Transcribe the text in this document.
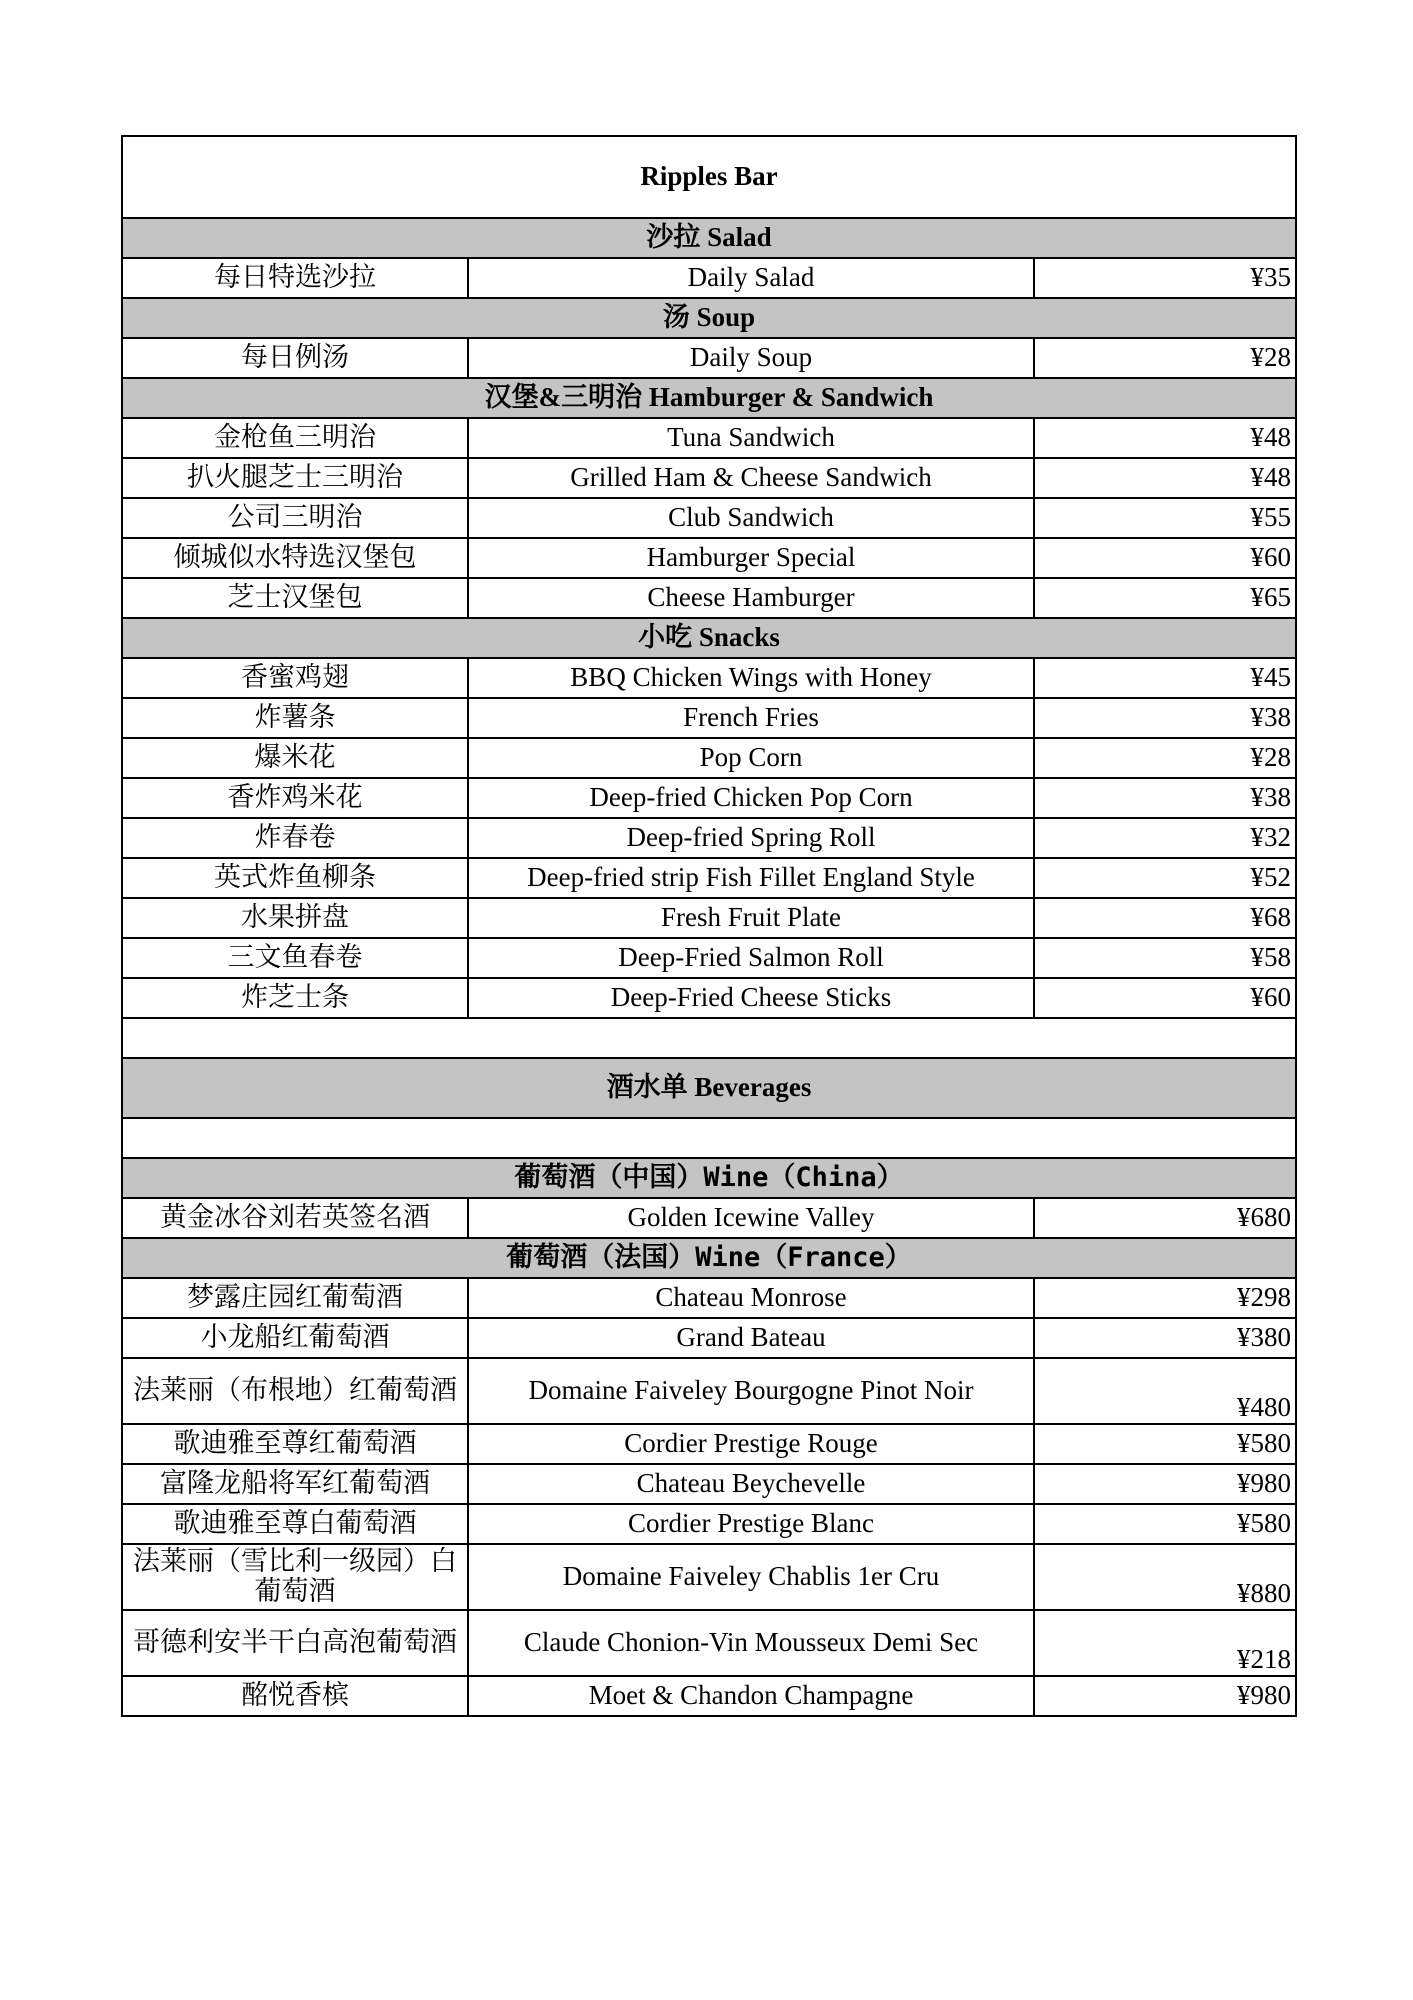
Ripples Bar		
沙拉 Salad		
每日特选沙拉	Daily Salad	¥35
汤 Soup		
每日例汤	Daily Soup	¥28
汉堡&三明治 Hamburger & Sandwich		
金枪鱼三明治	Tuna Sandwich	¥48
扒火腿芝士三明治	Grilled Ham & Cheese Sandwich	¥48
公司三明治	Club Sandwich	¥55
倾城似水特选汉堡包	Hamburger Special	¥60
芝士汉堡包	Cheese Hamburger	¥65
小吃 Snacks		
香蜜鸡翅	BBQ Chicken Wings with Honey	¥45
炸薯条	French Fries	¥38
爆米花	Pop Corn	¥28
香炸鸡米花	Deep-fried Chicken Pop Corn	¥38
炸春卷	Deep-fried Spring Roll	¥32
英式炸鱼柳条	Deep-fried strip Fish Fillet England Style	¥52
水果拼盘	Fresh Fruit Plate	¥68
三文鱼春卷	Deep-Fried Salmon Roll	¥58
炸芝士条	Deep-Fried Cheese Sticks	¥60

酒水单 Beverages		

葡萄酒（中国）Wine（China）		
黄金冰谷刘若英签名酒	Golden Icewine Valley	¥680
葡萄酒（法国）Wine（France）		
梦露庄园红葡萄酒	Chateau Monrose	¥298
小龙船红葡萄酒	Grand Bateau	¥380
法莱丽（布根地）红葡萄酒	Domaine Faiveley Bourgogne Pinot Noir	¥480
歌迪雅至尊红葡萄酒	Cordier Prestige Rouge	¥580
富隆龙船将军红葡萄酒	Chateau Beychevelle	¥980
歌迪雅至尊白葡萄酒	Cordier Prestige Blanc	¥580
法莱丽（雪比利一级园）白葡萄酒	Domaine Faiveley Chablis 1er Cru	¥880
哥德利安半干白高泡葡萄酒	Claude Chonion-Vin Mousseux Demi Sec	¥218
酩悦香槟	Moet & Chandon Champagne	¥980
